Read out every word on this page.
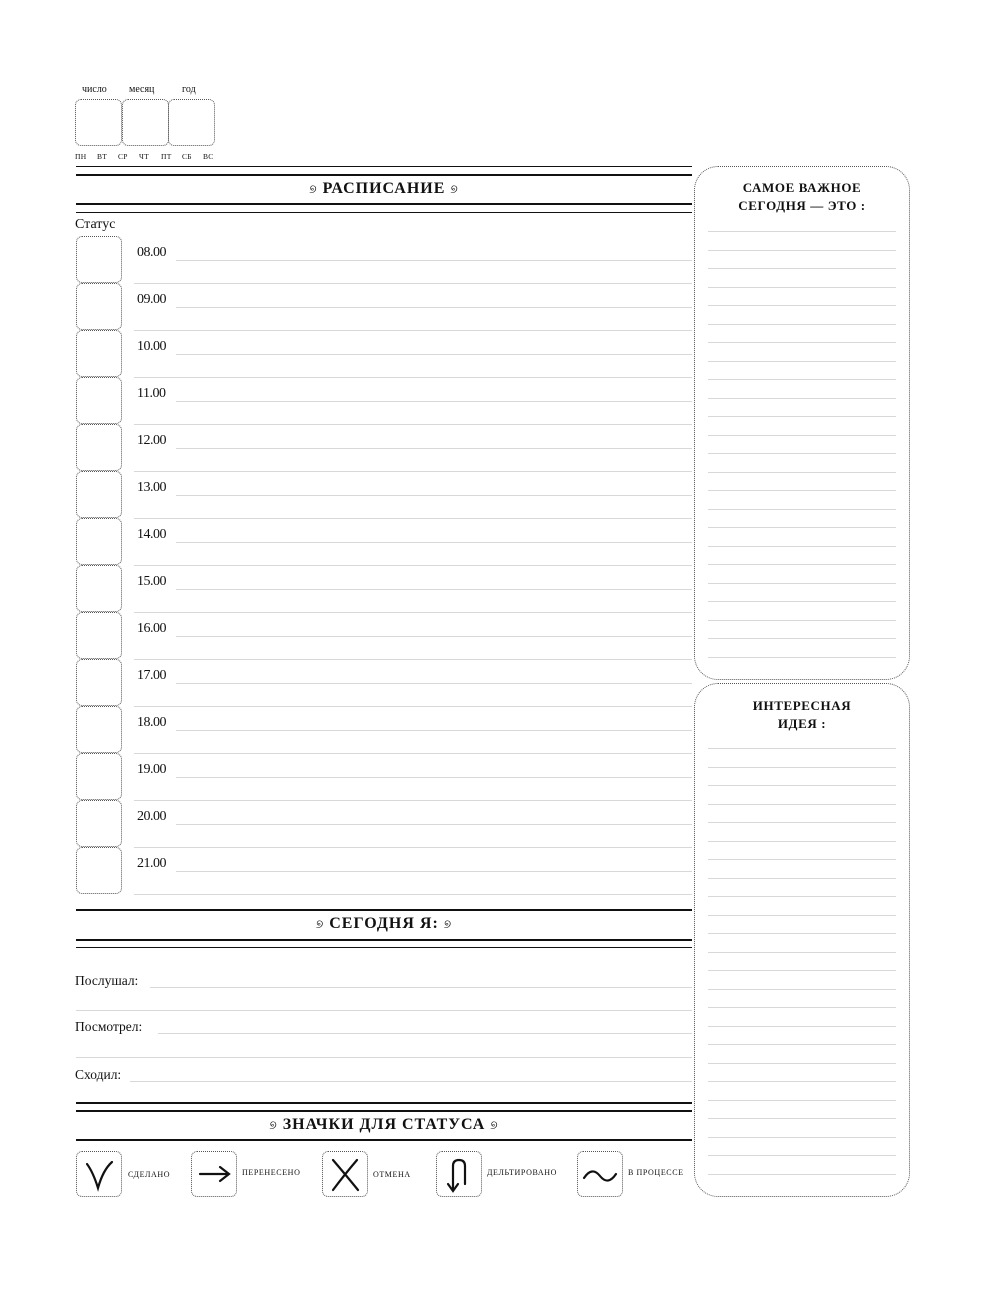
число месяц	год
ПН ВТ СР ЧТ ПТ СБ ВС
୭ РАСПИСАНИЕ ୭
Статус
08.00
09.00
10.00
11.00
12.00
13.00
14.00
15.00
16.00
17.00
18.00
19.00
20.00
21.00
୭ СЕГОДНЯ Я: ୭
Послушал:
Посмотрел:
Сходил:
୭ ЗНАЧКИ ДЛЯ СТАТУСА ୭
СДЕЛАНО	ПЕРЕНЕСЕНО	ОТМЕНА	ДЕЛЬТИРОВАНО	В ПРОЦЕССЕ
САМОЕ ВАЖНОЕ
СЕГОДНЯ — ЭТО :
ИНТЕРЕСНАЯ
ИДЕЯ :
